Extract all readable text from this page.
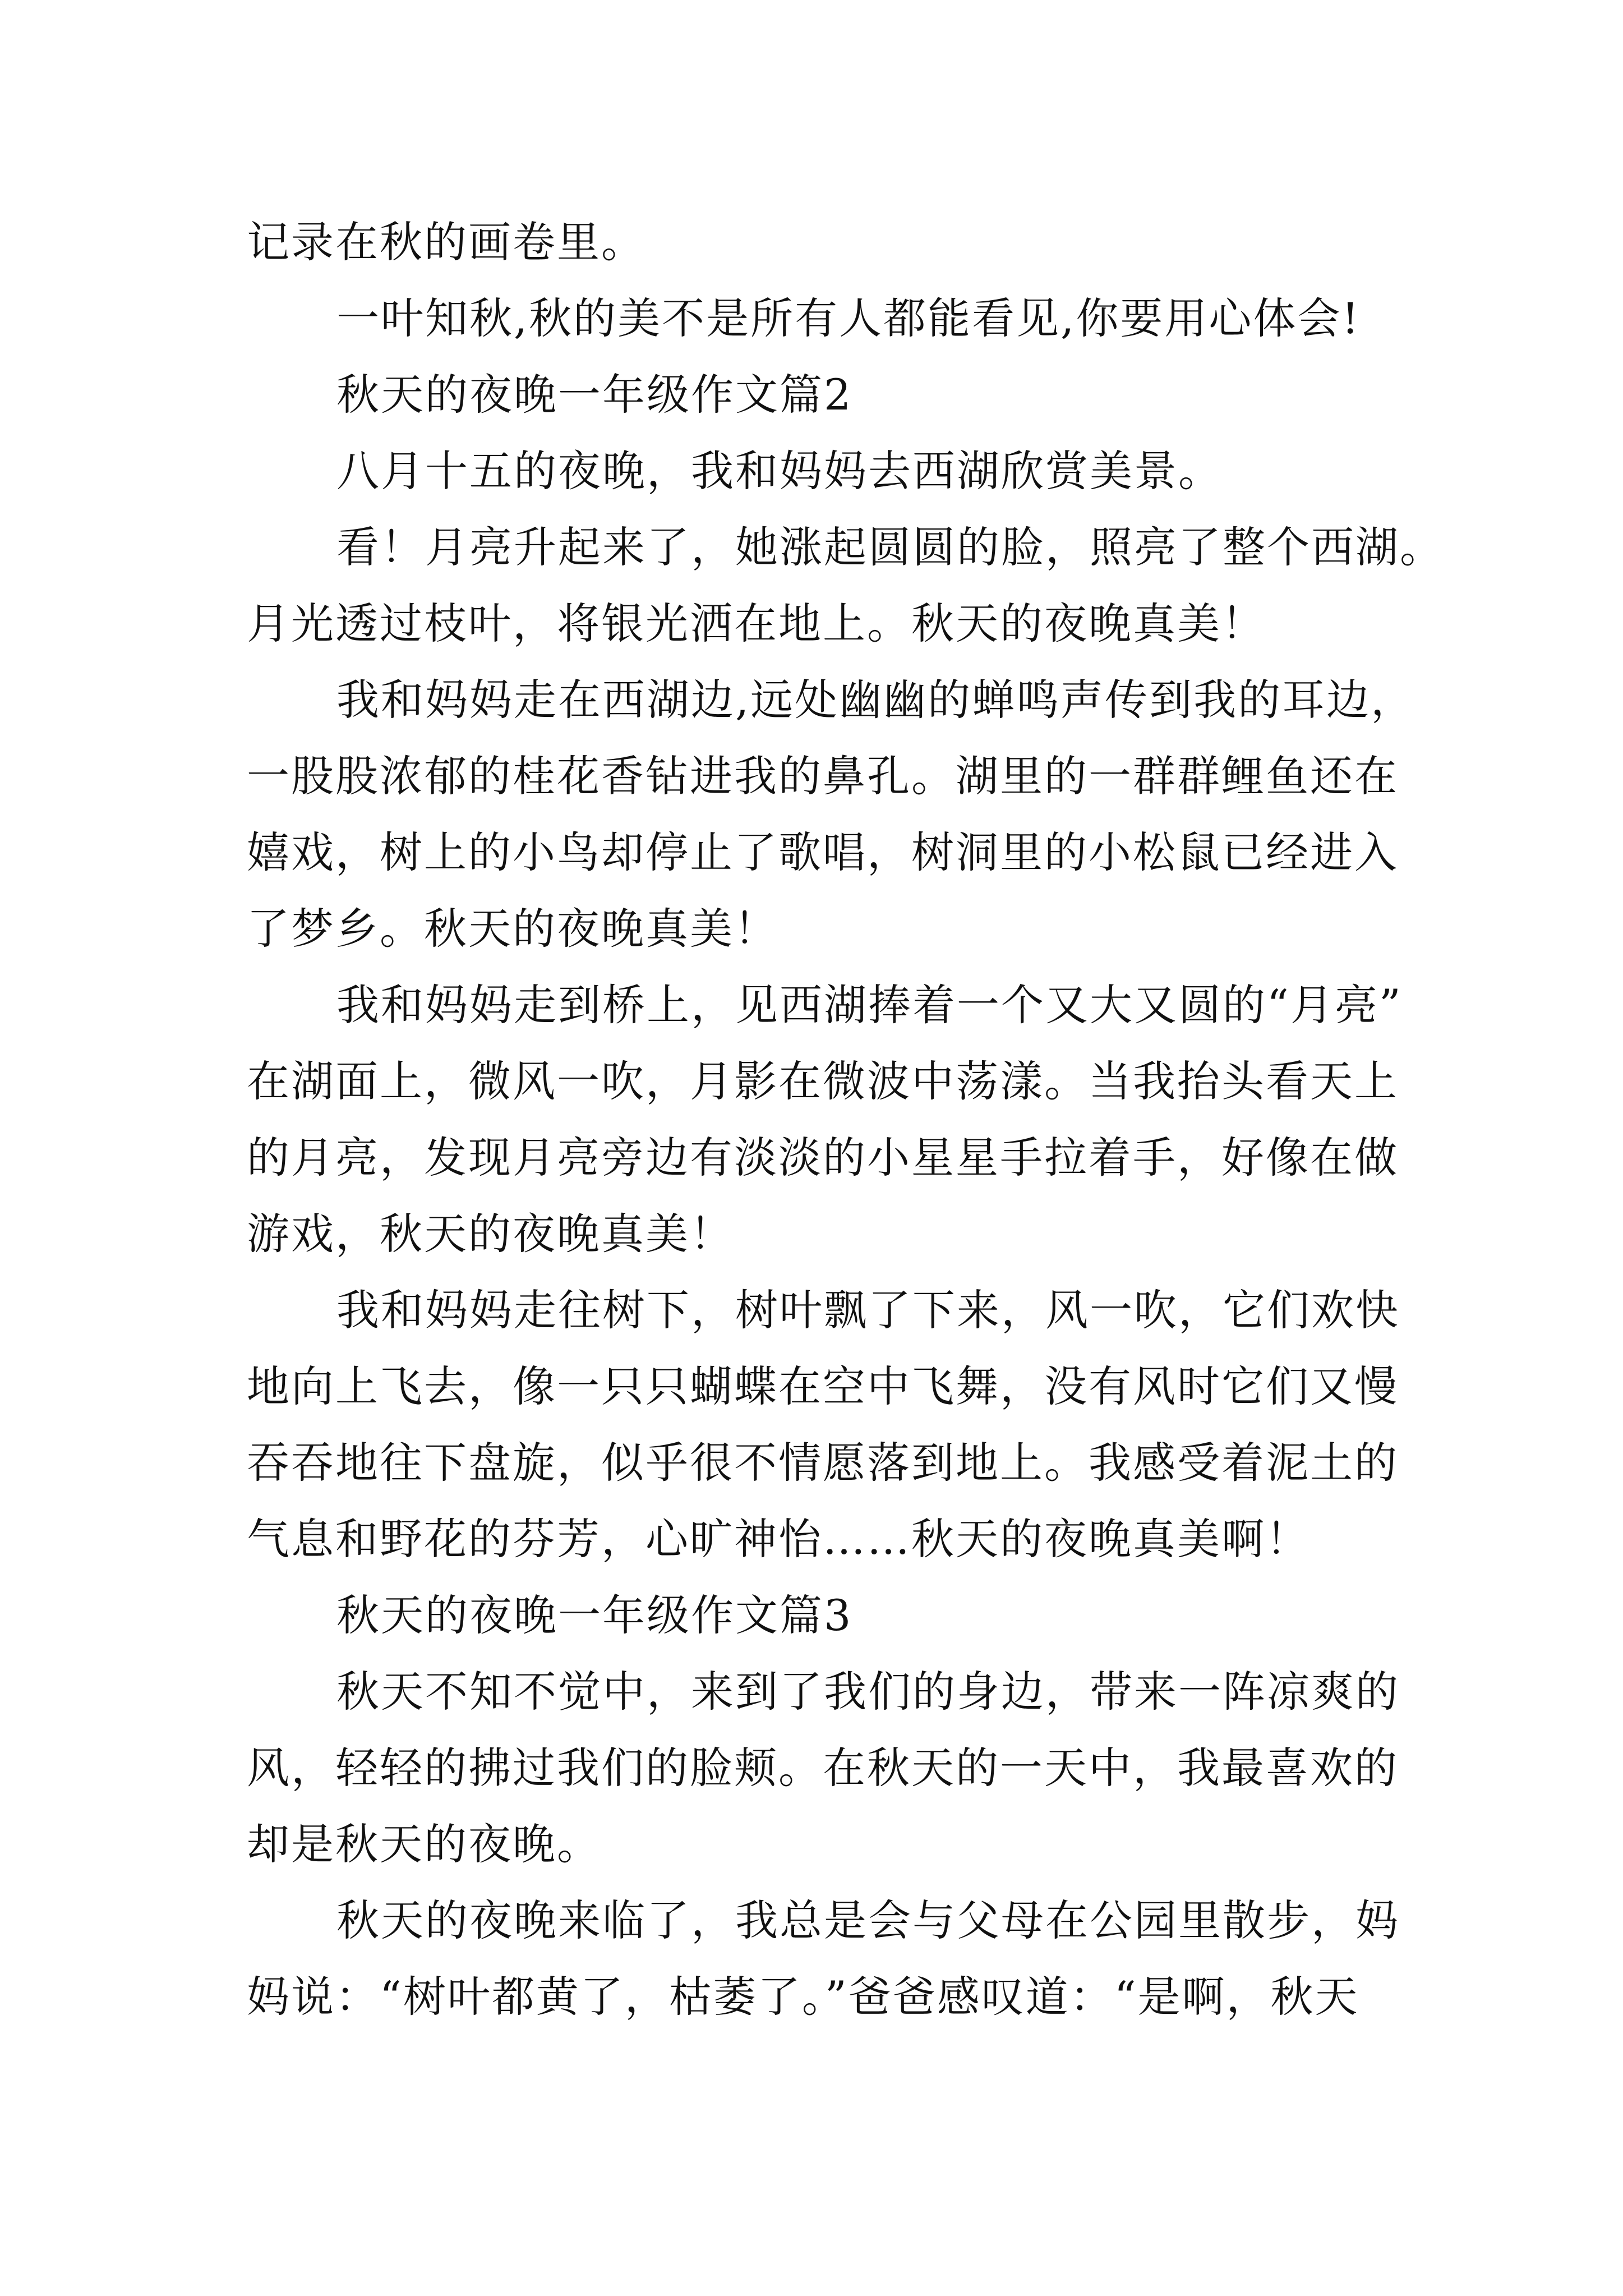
记录在秋的画卷里。
一叶知秋,秋的美不是所有人都能看见,你要用心体会!
秋天的夜晚一年级作文篇2
八月十五的夜晚，我和妈妈去西湖欣赏美景。
看！月亮升起来了，她涨起圆圆的脸，照亮了整个西湖。
月光透过枝叶，将银光洒在地上。秋天的夜晚真美！
我和妈妈走在西湖边,远处幽幽的蝉鸣声传到我的耳边，
一股股浓郁的桂花香钻进我的鼻孔。湖里的一群群鲤鱼还在
嬉戏，树上的小鸟却停止了歌唱，树洞里的小松鼠已经进入
了梦乡。秋天的夜晚真美！
我和妈妈走到桥上，见西湖捧着一个又大又圆的“月亮”
在湖面上，微风一吹，月影在微波中荡漾。当我抬头看天上
的月亮，发现月亮旁边有淡淡的小星星手拉着手，好像在做
游戏，秋天的夜晚真美！
我和妈妈走往树下，树叶飘了下来，风一吹，它们欢快
地向上飞去，像一只只蝴蝶在空中飞舞，没有风时它们又慢
吞吞地往下盘旋，似乎很不情愿落到地上。我感受着泥土的
气息和野花的芬芳，心旷神怡……秋天的夜晚真美啊！
秋天的夜晚一年级作文篇3
秋天不知不觉中，来到了我们的身边，带来一阵凉爽的
风，轻轻的拂过我们的脸颊。在秋天的一天中，我最喜欢的
却是秋天的夜晚。
秋天的夜晚来临了，我总是会与父母在公园里散步，妈
妈说：“树叶都黄了，枯萎了。”爸爸感叹道：“是啊，秋天
